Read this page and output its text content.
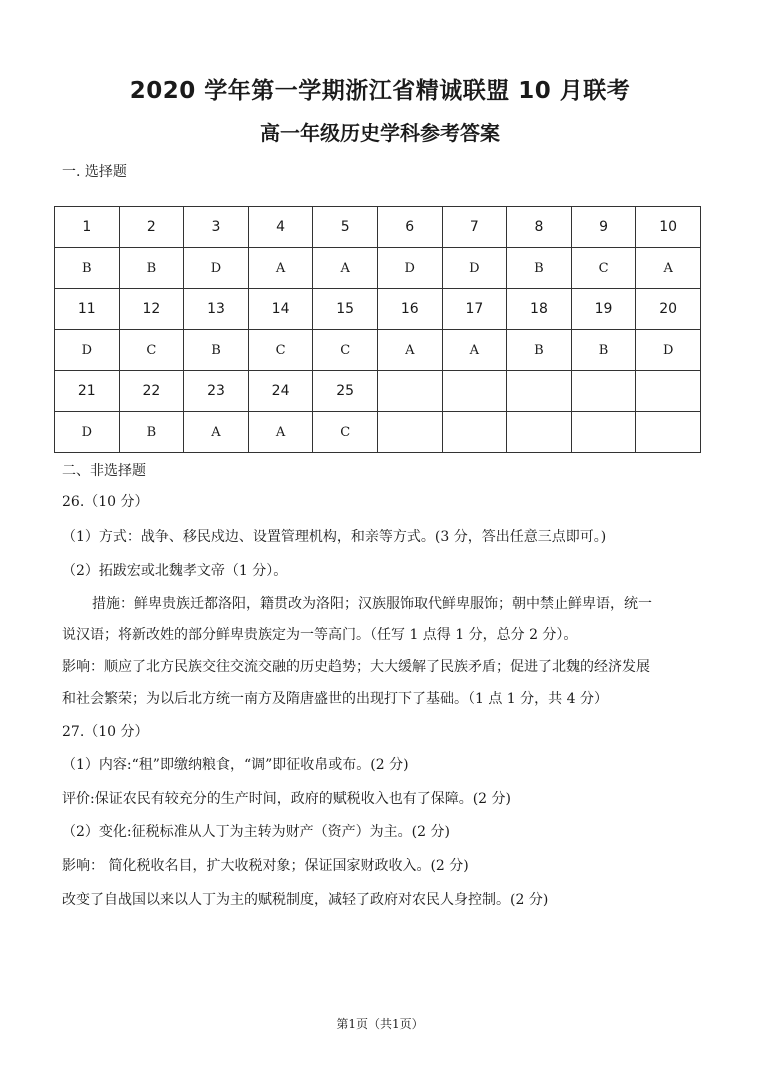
2020 学年第一学期浙江省精诚联盟 10 月联考
高一年级历史学科参考答案
一. 选择题
1	2	3	4	5	6	7	8	9	10
B	B	D	A	A	D	D	B	C	A
11	12	13	14	15	16	17	18	19	20
D	C	B	C	C	A	A	B	B	D
21	22	23	24	25					
D	B	A	A	C					
二、非选择题
26.（10 分）
（1）方式：战争、移民戍边、设置管理机构，和亲等方式。(3 分，答出任意三点即可。)
（2）拓跋宏或北魏孝文帝（1 分）。
措施：鲜卑贵族迁都洛阳，籍贯改为洛阳；汉族服饰取代鲜卑服饰；朝中禁止鲜卑语，统一
说汉语；将新改姓的部分鲜卑贵族定为一等高门。（任写 1 点得 1 分，总分 2 分）。
影响：顺应了北方民族交往交流交融的历史趋势；大大缓解了民族矛盾；促进了北魏的经济发展
和社会繁荣；为以后北方统一南方及隋唐盛世的出现打下了基础。（1 点 1 分，共 4 分）
27.（10 分）
（1）内容:“租”即缴纳粮食，“调”即征收帛或布。(2 分)
评价:保证农民有较充分的生产时间，政府的赋税收入也有了保障。(2 分)
（2）变化:征税标准从人丁为主转为财产（资产）为主。(2 分)
影响： 简化税收名目，扩大收税对象；保证国家财政收入。(2 分)
改变了自战国以来以人丁为主的赋税制度，减轻了政府对农民人身控制。(2 分)
第1页（共1页）
